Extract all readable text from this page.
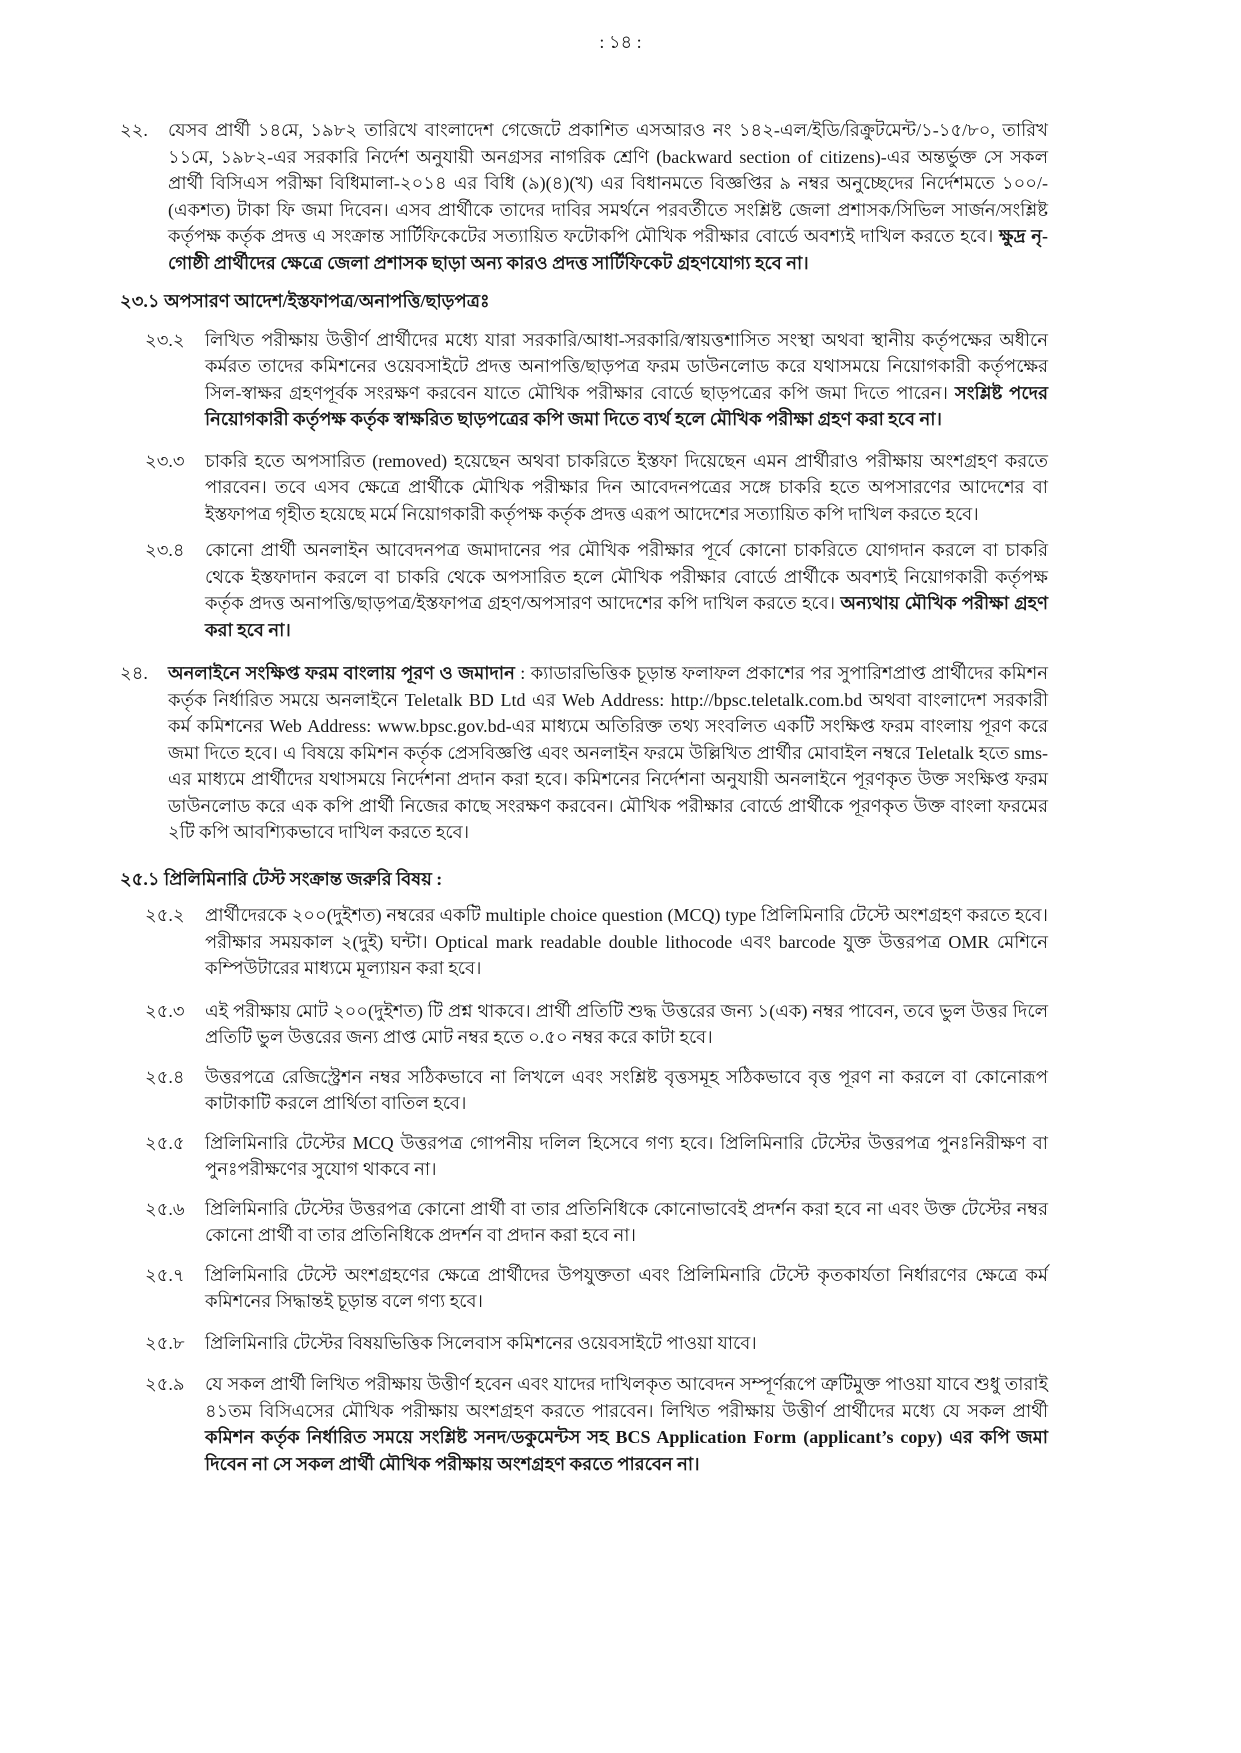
: ১৪ :
২২.	যেসব প্রার্থী ১৪মে, ১৯৮২ তারিখে বাংলাদেশ গেজেটে প্রকাশিত এসআরও নং ১৪২-এল/ইডি/রিক্রুটমেন্ট/১-১৫/৮০, তারিখ ১১মে, ১৯৮২-এর সরকারি নির্দেশ অনুযায়ী অনগ্রসর নাগরিক শ্রেণি (backward section of citizens)-এর অন্তর্ভুক্ত সে সকল প্রার্থী বিসিএস পরীক্ষা বিধিমালা-২০১৪ এর বিধি (৯)(৪)(খ) এর বিধানমতে বিজ্ঞপ্তির ৯ নম্বর অনুচ্ছেদের নির্দেশমতে ১০০/- (একশত) টাকা ফি জমা দিবেন। এসব প্রার্থীকে তাদের দাবির সমর্থনে পরবর্তীতে সংশ্লিষ্ট জেলা প্রশাসক/সিভিল সার্জন/সংশ্লিষ্ট কর্তৃপক্ষ কর্তৃক প্রদত্ত এ সংক্রান্ত সার্টিফিকেটের সত্যায়িত ফটোকপি মৌখিক পরীক্ষার বোর্ডে অবশ্যই দাখিল করতে হবে। ক্ষুদ্র নৃ-গোষ্ঠী প্রার্থীদের ক্ষেত্রে জেলা প্রশাসক ছাড়া অন্য কারও প্রদত্ত সার্টিফিকেট গ্রহণযোগ্য হবে না।
২৩.১ অপসারণ আদেশ/ইস্তফাপত্র/অনাপত্তি/ছাড়পত্রঃ
২৩.২	লিখিত পরীক্ষায় উত্তীর্ণ প্রার্থীদের মধ্যে যারা সরকারি/আধা-সরকারি/স্বায়ত্তশাসিত সংস্থা অথবা স্থানীয় কর্তৃপক্ষের অধীনে কর্মরত তাদের কমিশনের ওয়েবসাইটে প্রদত্ত অনাপত্তি/ছাড়পত্র ফরম ডাউনলোড করে যথাসময়ে নিয়োগকারী কর্তৃপক্ষের সিল-স্বাক্ষর গ্রহণপূর্বক সংরক্ষণ করবেন যাতে মৌখিক পরীক্ষার বোর্ডে ছাড়পত্রের কপি জমা দিতে পারেন। সংশ্লিষ্ট পদের নিয়োগকারী কর্তৃপক্ষ কর্তৃক স্বাক্ষরিত ছাড়পত্রের কপি জমা দিতে ব্যর্থ হলে মৌখিক পরীক্ষা গ্রহণ করা হবে না।
২৩.৩	চাকরি হতে অপসারিত (removed) হয়েছেন অথবা চাকরিতে ইস্তফা দিয়েছেন এমন প্রার্থীরাও পরীক্ষায় অংশগ্রহণ করতে পারবেন। তবে এসব ক্ষেত্রে প্রার্থীকে মৌখিক পরীক্ষার দিন আবেদনপত্রের সঙ্গে চাকরি হতে অপসারণের আদেশের বা ইস্তফাপত্র গৃহীত হয়েছে মর্মে নিয়োগকারী কর্তৃপক্ষ কর্তৃক প্রদত্ত এরূপ আদেশের সত্যায়িত কপি দাখিল করতে হবে।
২৩.৪	কোনো প্রার্থী অনলাইন আবেদনপত্র জমাদানের পর মৌখিক পরীক্ষার পূর্বে কোনো চাকরিতে যোগদান করলে বা চাকরি থেকে ইস্তফাদান করলে বা চাকরি থেকে অপসারিত হলে মৌখিক পরীক্ষার বোর্ডে প্রার্থীকে অবশ্যই নিয়োগকারী কর্তৃপক্ষ কর্তৃক প্রদত্ত অনাপত্তি/ছাড়পত্র/ইস্তফাপত্র গ্রহণ/অপসারণ আদেশের কপি দাখিল করতে হবে। অন্যথায় মৌখিক পরীক্ষা গ্রহণ করা হবে না।
২৪.	অনলাইনে সংক্ষিপ্ত ফরম বাংলায় পূরণ ও জমাদান : ক্যাডারভিত্তিক চূড়ান্ত ফলাফল প্রকাশের পর সুপারিশপ্রাপ্ত প্রার্থীদের কমিশন কর্তৃক নির্ধারিত সময়ে অনলাইনে Teletalk BD Ltd এর Web Address: http://bpsc.teletalk.com.bd অথবা বাংলাদেশ সরকারী কর্ম কমিশনের Web Address: www.bpsc.gov.bd-এর মাধ্যমে অতিরিক্ত তথ্য সংবলিত একটি সংক্ষিপ্ত ফরম বাংলায় পূরণ করে জমা দিতে হবে। এ বিষয়ে কমিশন কর্তৃক প্রেসবিজ্ঞপ্তি এবং অনলাইন ফরমে উল্লিখিত প্রার্থীর মোবাইল নম্বরে Teletalk হতে sms-এর মাধ্যমে প্রার্থীদের যথাসময়ে নির্দেশনা প্রদান করা হবে। কমিশনের নির্দেশনা অনুযায়ী অনলাইনে পূরণকৃত উক্ত সংক্ষিপ্ত ফরম ডাউনলোড করে এক কপি প্রার্থী নিজের কাছে সংরক্ষণ করবেন। মৌখিক পরীক্ষার বোর্ডে প্রার্থীকে পূরণকৃত উক্ত বাংলা ফরমের ২টি কপি আবশ্যিকভাবে দাখিল করতে হবে।
২৫.১ প্রিলিমিনারি টেস্ট সংক্রান্ত জরুরি বিষয় :
২৫.২	প্রার্থীদেরকে ২০০(দুইশত) নম্বরের একটি multiple choice question (MCQ) type প্রিলিমিনারি টেস্টে অংশগ্রহণ করতে হবে। পরীক্ষার সময়কাল ২(দুই) ঘন্টা। Optical mark readable double lithocode এবং barcode যুক্ত উত্তরপত্র OMR মেশিনে কম্পিউটারের মাধ্যমে মূল্যায়ন করা হবে।
২৫.৩	এই পরীক্ষায় মোট ২০০(দুইশত) টি প্রশ্ন থাকবে। প্রার্থী প্রতিটি শুদ্ধ উত্তরের জন্য ১(এক) নম্বর পাবেন, তবে ভুল উত্তর দিলে প্রতিটি ভুল উত্তরের জন্য প্রাপ্ত মোট নম্বর হতে ০.৫০ নম্বর করে কাটা হবে।
২৫.৪	উত্তরপত্রে রেজিস্ট্রেশন নম্বর সঠিকভাবে না লিখলে এবং সংশ্লিষ্ট বৃত্তসমূহ সঠিকভাবে বৃত্ত পূরণ না করলে বা কোনোরূপ কাটাকাটি করলে প্রার্থিতা বাতিল হবে।
২৫.৫	প্রিলিমিনারি টেস্টের MCQ উত্তরপত্র গোপনীয় দলিল হিসেবে গণ্য হবে। প্রিলিমিনারি টেস্টের উত্তরপত্র পুনঃনিরীক্ষণ বা পুনঃপরীক্ষণের সুযোগ থাকবে না।
২৫.৬	প্রিলিমিনারি টেস্টের উত্তরপত্র কোনো প্রার্থী বা তার প্রতিনিধিকে কোনোভাবেই প্রদর্শন করা হবে না এবং উক্ত টেস্টের নম্বর কোনো প্রার্থী বা তার প্রতিনিধিকে প্রদর্শন বা প্রদান করা হবে না।
২৫.৭	প্রিলিমিনারি টেস্টে অংশগ্রহণের ক্ষেত্রে প্রার্থীদের উপযুক্ততা এবং প্রিলিমিনারি টেস্টে কৃতকার্যতা নির্ধারণের ক্ষেত্রে কর্ম কমিশনের সিদ্ধান্তই চূড়ান্ত বলে গণ্য হবে।
২৫.৮	প্রিলিমিনারি টেস্টের বিষয়ভিত্তিক সিলেবাস কমিশনের ওয়েবসাইটে পাওয়া যাবে।
২৫.৯	যে সকল প্রার্থী লিখিত পরীক্ষায় উত্তীর্ণ হবেন এবং যাদের দাখিলকৃত আবেদন সম্পূর্ণরূপে ত্রুটিমুক্ত পাওয়া যাবে শুধু তারাই ৪১তম বিসিএসের মৌখিক পরীক্ষায় অংশগ্রহণ করতে পারবেন। লিখিত পরীক্ষায় উত্তীর্ণ প্রার্থীদের মধ্যে যে সকল প্রার্থী কমিশন কর্তৃক নির্ধারিত সময়ে সংশ্লিষ্ট সনদ/ডকুমেন্টস সহ BCS Application Form (applicant’s copy) এর কপি জমা দিবেন না সে সকল প্রার্থী মৌখিক পরীক্ষায় অংশগ্রহণ করতে পারবেন না।
